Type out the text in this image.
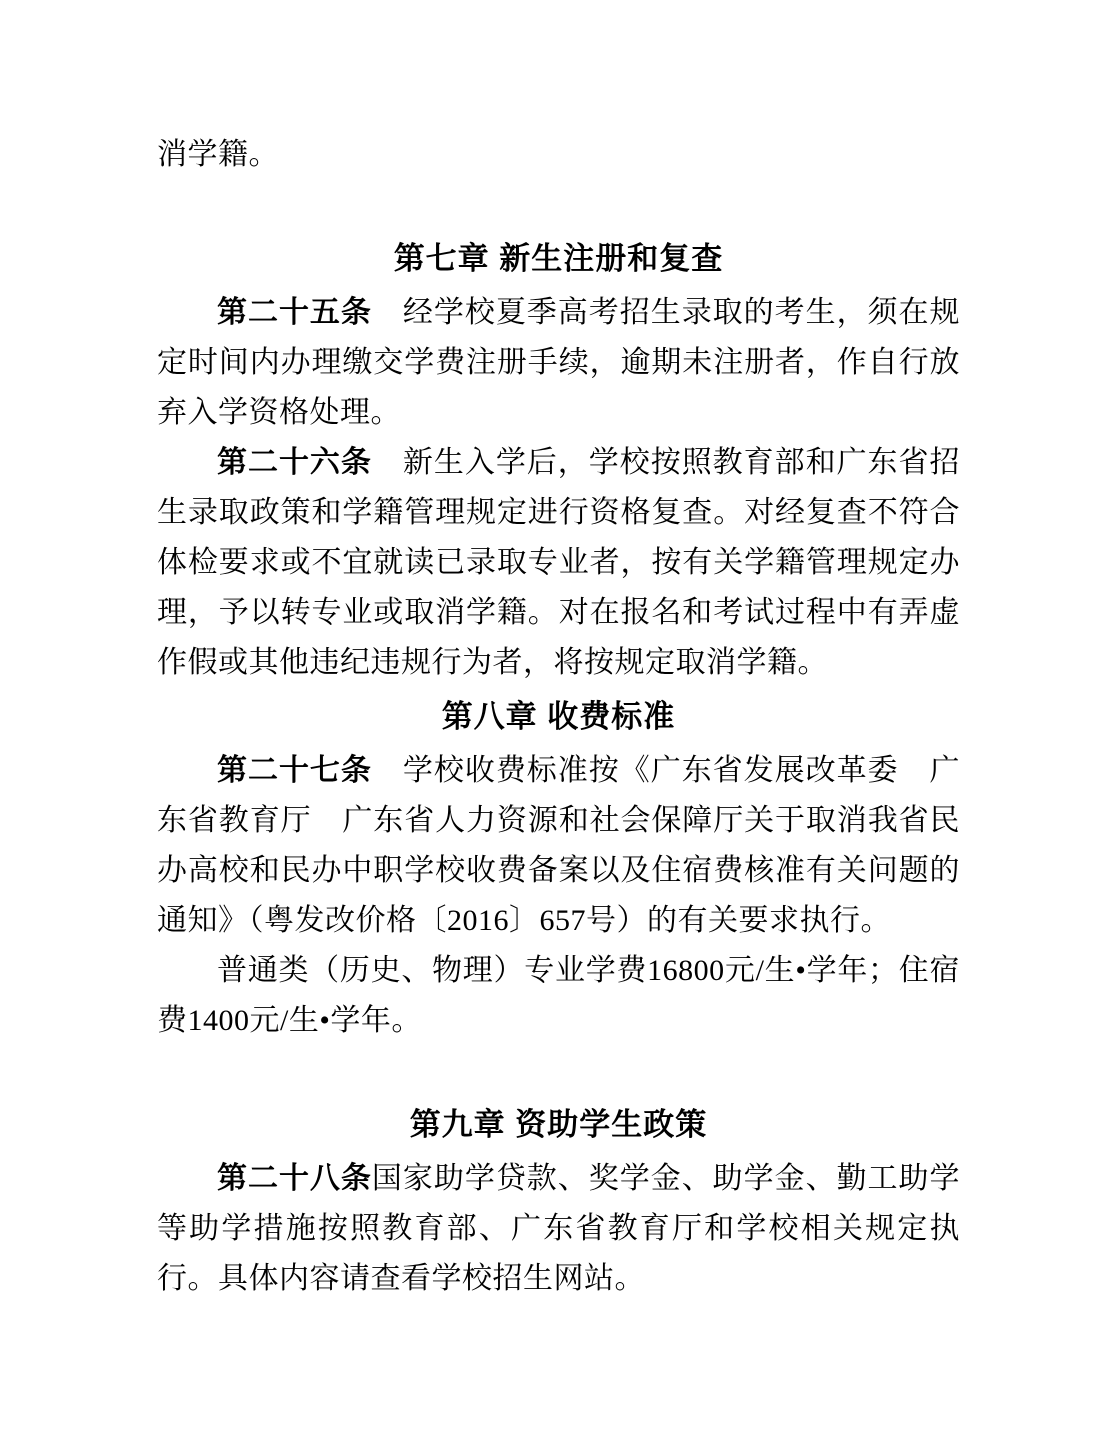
消学籍。

第七章 新生注册和复查

第二十五条　经学校夏季高考招生录取的考生，须在规定时间内办理缴交学费注册手续，逾期未注册者，作自行放弃入学资格处理。

第二十六条　新生入学后，学校按照教育部和广东省招生录取政策和学籍管理规定进行资格复查。对经复查不符合体检要求或不宜就读已录取专业者，按有关学籍管理规定办理，予以转专业或取消学籍。对在报名和考试过程中有弄虚作假或其他违纪违规行为者，将按规定取消学籍。

第八章 收费标准

第二十七条　学校收费标准按《广东省发展改革委　广东省教育厅　广东省人力资源和社会保障厅关于取消我省民办高校和民办中职学校收费备案以及住宿费核准有关问题的通知》（粤发改价格〔2016〕657号）的有关要求执行。

普通类（历史、物理）专业学费16800元/生•学年；住宿费1400元/生•学年。

第九章 资助学生政策

第二十八条国家助学贷款、奖学金、助学金、勤工助学等助学措施按照教育部、广东省教育厅和学校相关规定执行。具体内容请查看学校招生网站。
